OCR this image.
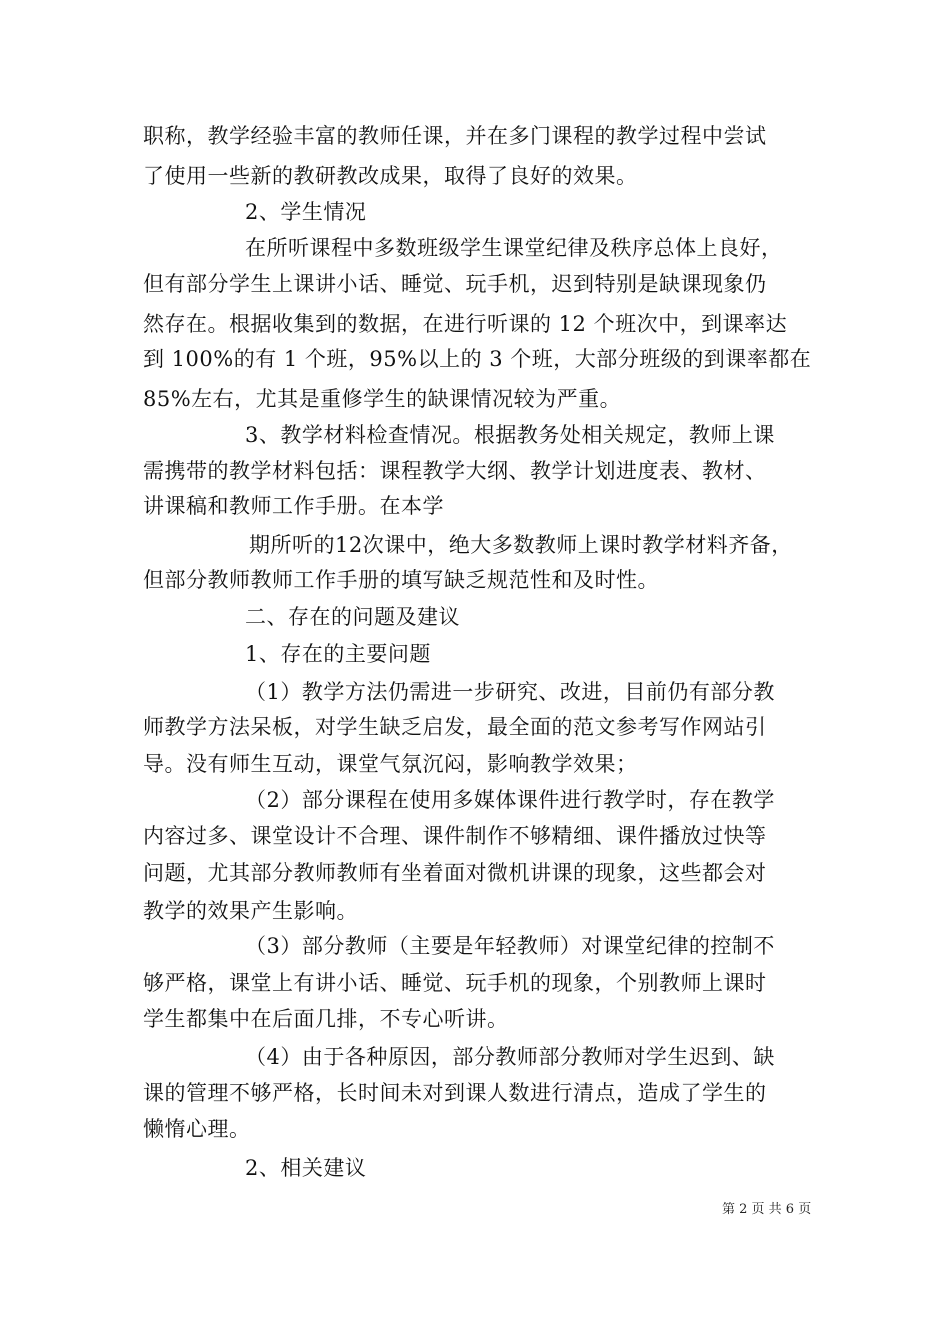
职称，教学经验丰富的教师任课，并在多门课程的教学过程中尝试
了使用一些新的教研教改成果，取得了良好的效果。
2、学生情况
在所听课程中多数班级学生课堂纪律及秩序总体上良好，
但有部分学生上课讲小话、睡觉、玩手机，迟到特别是缺课现象仍
然存在。根据收集到的数据，在进行听课的 12 个班次中，到课率达
到 100%的有 1 个班，95%以上的 3 个班，大部分班级的到课率都在
85%左右，尤其是重修学生的缺课情况较为严重。
3、教学材料检查情况。根据教务处相关规定，教师上课
需携带的教学材料包括：课程教学大纲、教学计划进度表、教材、
讲课稿和教师工作手册。在本学
期所听的12次课中，绝大多数教师上课时教学材料齐备，
但部分教师教师工作手册的填写缺乏规范性和及时性。
二、存在的问题及建议
1、存在的主要问题
（1）教学方法仍需进一步研究、改进，目前仍有部分教
师教学方法呆板，对学生缺乏启发，最全面的范文参考写作网站引
导。没有师生互动，课堂气氛沉闷，影响教学效果；
（2）部分课程在使用多媒体课件进行教学时，存在教学
内容过多、课堂设计不合理、课件制作不够精细、课件播放过快等
问题，尤其部分教师教师有坐着面对微机讲课的现象，这些都会对
教学的效果产生影响。
（3）部分教师（主要是年轻教师）对课堂纪律的控制不
够严格，课堂上有讲小话、睡觉、玩手机的现象，个别教师上课时
学生都集中在后面几排，不专心听讲。
（4）由于各种原因，部分教师部分教师对学生迟到、缺
课的管理不够严格，长时间未对到课人数进行清点，造成了学生的
懒惰心理。
2、相关建议
第 2 页 共 6 页
